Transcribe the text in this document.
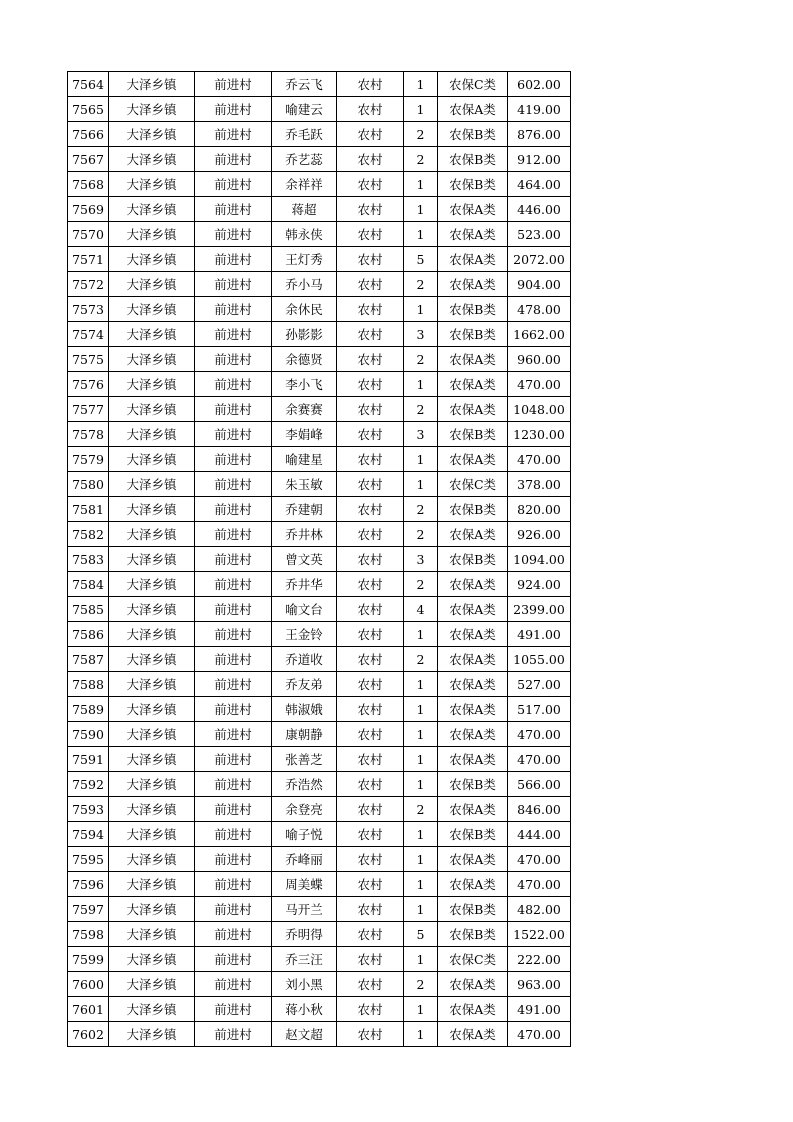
7564	大泽乡镇	前进村	乔云飞	农村	1	农保C类	602.00
7565	大泽乡镇	前进村	喻建云	农村	1	农保A类	419.00
7566	大泽乡镇	前进村	乔毛跃	农村	2	农保B类	876.00
7567	大泽乡镇	前进村	乔艺蕊	农村	2	农保B类	912.00
7568	大泽乡镇	前进村	余祥祥	农村	1	农保B类	464.00
7569	大泽乡镇	前进村	蒋超	农村	1	农保A类	446.00
7570	大泽乡镇	前进村	韩永侠	农村	1	农保A类	523.00
7571	大泽乡镇	前进村	王灯秀	农村	5	农保A类	2072.00
7572	大泽乡镇	前进村	乔小马	农村	2	农保A类	904.00
7573	大泽乡镇	前进村	余休民	农村	1	农保B类	478.00
7574	大泽乡镇	前进村	孙影影	农村	3	农保B类	1662.00
7575	大泽乡镇	前进村	余德贤	农村	2	农保A类	960.00
7576	大泽乡镇	前进村	李小飞	农村	1	农保A类	470.00
7577	大泽乡镇	前进村	余赛赛	农村	2	农保A类	1048.00
7578	大泽乡镇	前进村	李娟峰	农村	3	农保B类	1230.00
7579	大泽乡镇	前进村	喻建星	农村	1	农保A类	470.00
7580	大泽乡镇	前进村	朱玉敏	农村	1	农保C类	378.00
7581	大泽乡镇	前进村	乔建朝	农村	2	农保B类	820.00
7582	大泽乡镇	前进村	乔井林	农村	2	农保A类	926.00
7583	大泽乡镇	前进村	曾文英	农村	3	农保B类	1094.00
7584	大泽乡镇	前进村	乔井华	农村	2	农保A类	924.00
7585	大泽乡镇	前进村	喻文台	农村	4	农保A类	2399.00
7586	大泽乡镇	前进村	王金铃	农村	1	农保A类	491.00
7587	大泽乡镇	前进村	乔道收	农村	2	农保A类	1055.00
7588	大泽乡镇	前进村	乔友弟	农村	1	农保A类	527.00
7589	大泽乡镇	前进村	韩淑娥	农村	1	农保A类	517.00
7590	大泽乡镇	前进村	康朝静	农村	1	农保A类	470.00
7591	大泽乡镇	前进村	张善芝	农村	1	农保A类	470.00
7592	大泽乡镇	前进村	乔浩然	农村	1	农保B类	566.00
7593	大泽乡镇	前进村	余登亮	农村	2	农保A类	846.00
7594	大泽乡镇	前进村	喻子悦	农村	1	农保B类	444.00
7595	大泽乡镇	前进村	乔峰丽	农村	1	农保A类	470.00
7596	大泽乡镇	前进村	周美蝶	农村	1	农保A类	470.00
7597	大泽乡镇	前进村	马开兰	农村	1	农保B类	482.00
7598	大泽乡镇	前进村	乔明得	农村	5	农保B类	1522.00
7599	大泽乡镇	前进村	乔三汪	农村	1	农保C类	222.00
7600	大泽乡镇	前进村	刘小黑	农村	2	农保A类	963.00
7601	大泽乡镇	前进村	蒋小秋	农村	1	农保A类	491.00
7602	大泽乡镇	前进村	赵文超	农村	1	农保A类	470.00
